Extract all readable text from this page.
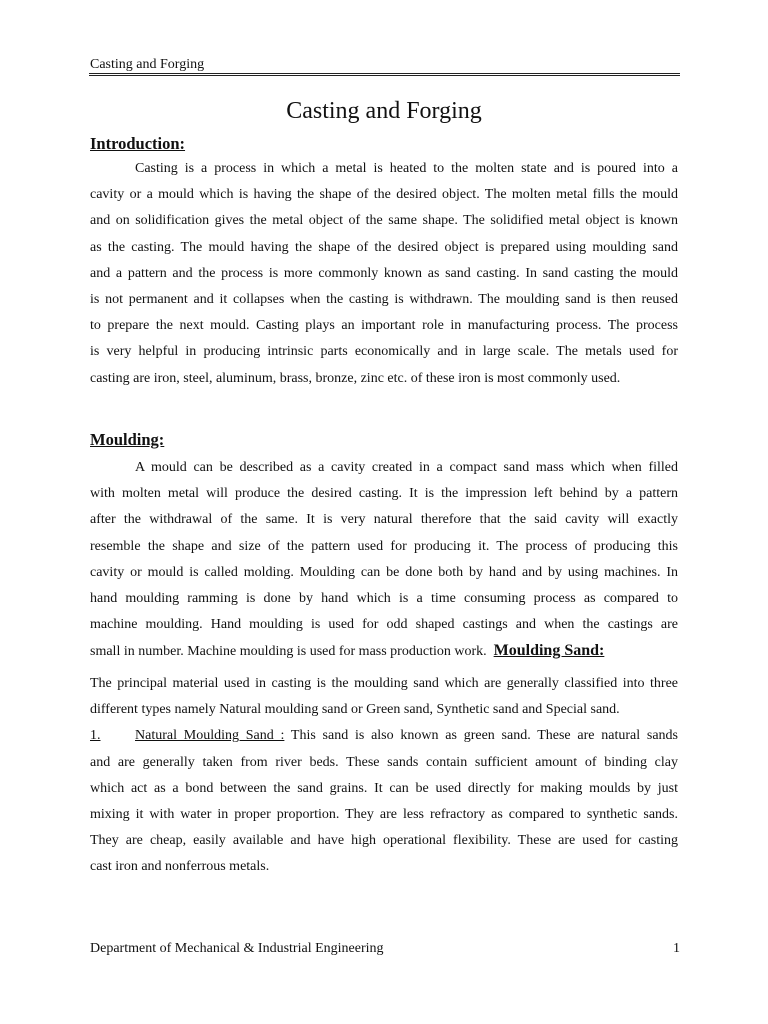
Casting and Forging
Casting and Forging
Introduction:
Casting is a process in which a metal is heated to the molten state and is poured into a
cavity or a mould which is having the shape of the desired object. The molten metal fills the mould
and on solidification gives the metal object of the same shape. The solidified metal object is known
as the casting. The mould having the shape of the desired object is prepared using moulding sand
and a pattern and the process is more commonly known as sand casting. In sand casting the mould
is not permanent and it collapses when the casting is withdrawn. The moulding sand is then reused
to prepare the next mould. Casting plays an important role in manufacturing process. The process
is very helpful in producing intrinsic parts economically and in large scale. The metals used for
casting are iron, steel, aluminum, brass, bronze, zinc etc. of these iron is most commonly used.
Moulding:
A mould can be described as a cavity created in a compact sand mass which when filled
with molten metal will produce the desired casting. It is the impression left behind by a pattern
after the withdrawal of the same. It is very natural therefore that the said cavity will exactly
resemble the shape and size of the pattern used for producing it. The process of producing this
cavity or mould is called molding. Moulding can be done both by hand and by using machines. In
hand moulding ramming is done by hand which is a time consuming process as compared to
machine moulding. Hand moulding is used for odd shaped castings and when the castings are
small in number. Machine moulding is used for mass production work. Moulding Sand:
The principal material used in casting is the moulding sand which are generally classified into three
different types namely Natural moulding sand or Green sand, Synthetic sand and Special sand.
1. Natural Moulding Sand : This sand is also known as green sand. These are natural sands
and are generally taken from river beds. These sands contain sufficient amount of binding clay
which act as a bond between the sand grains. It can be used directly for making moulds by just
mixing it with water in proper proportion. They are less refractory as compared to synthetic sands.
They are cheap, easily available and have high operational flexibility. These are used for casting
cast iron and nonferrous metals.
Department of Mechanical & Industrial Engineering	1
